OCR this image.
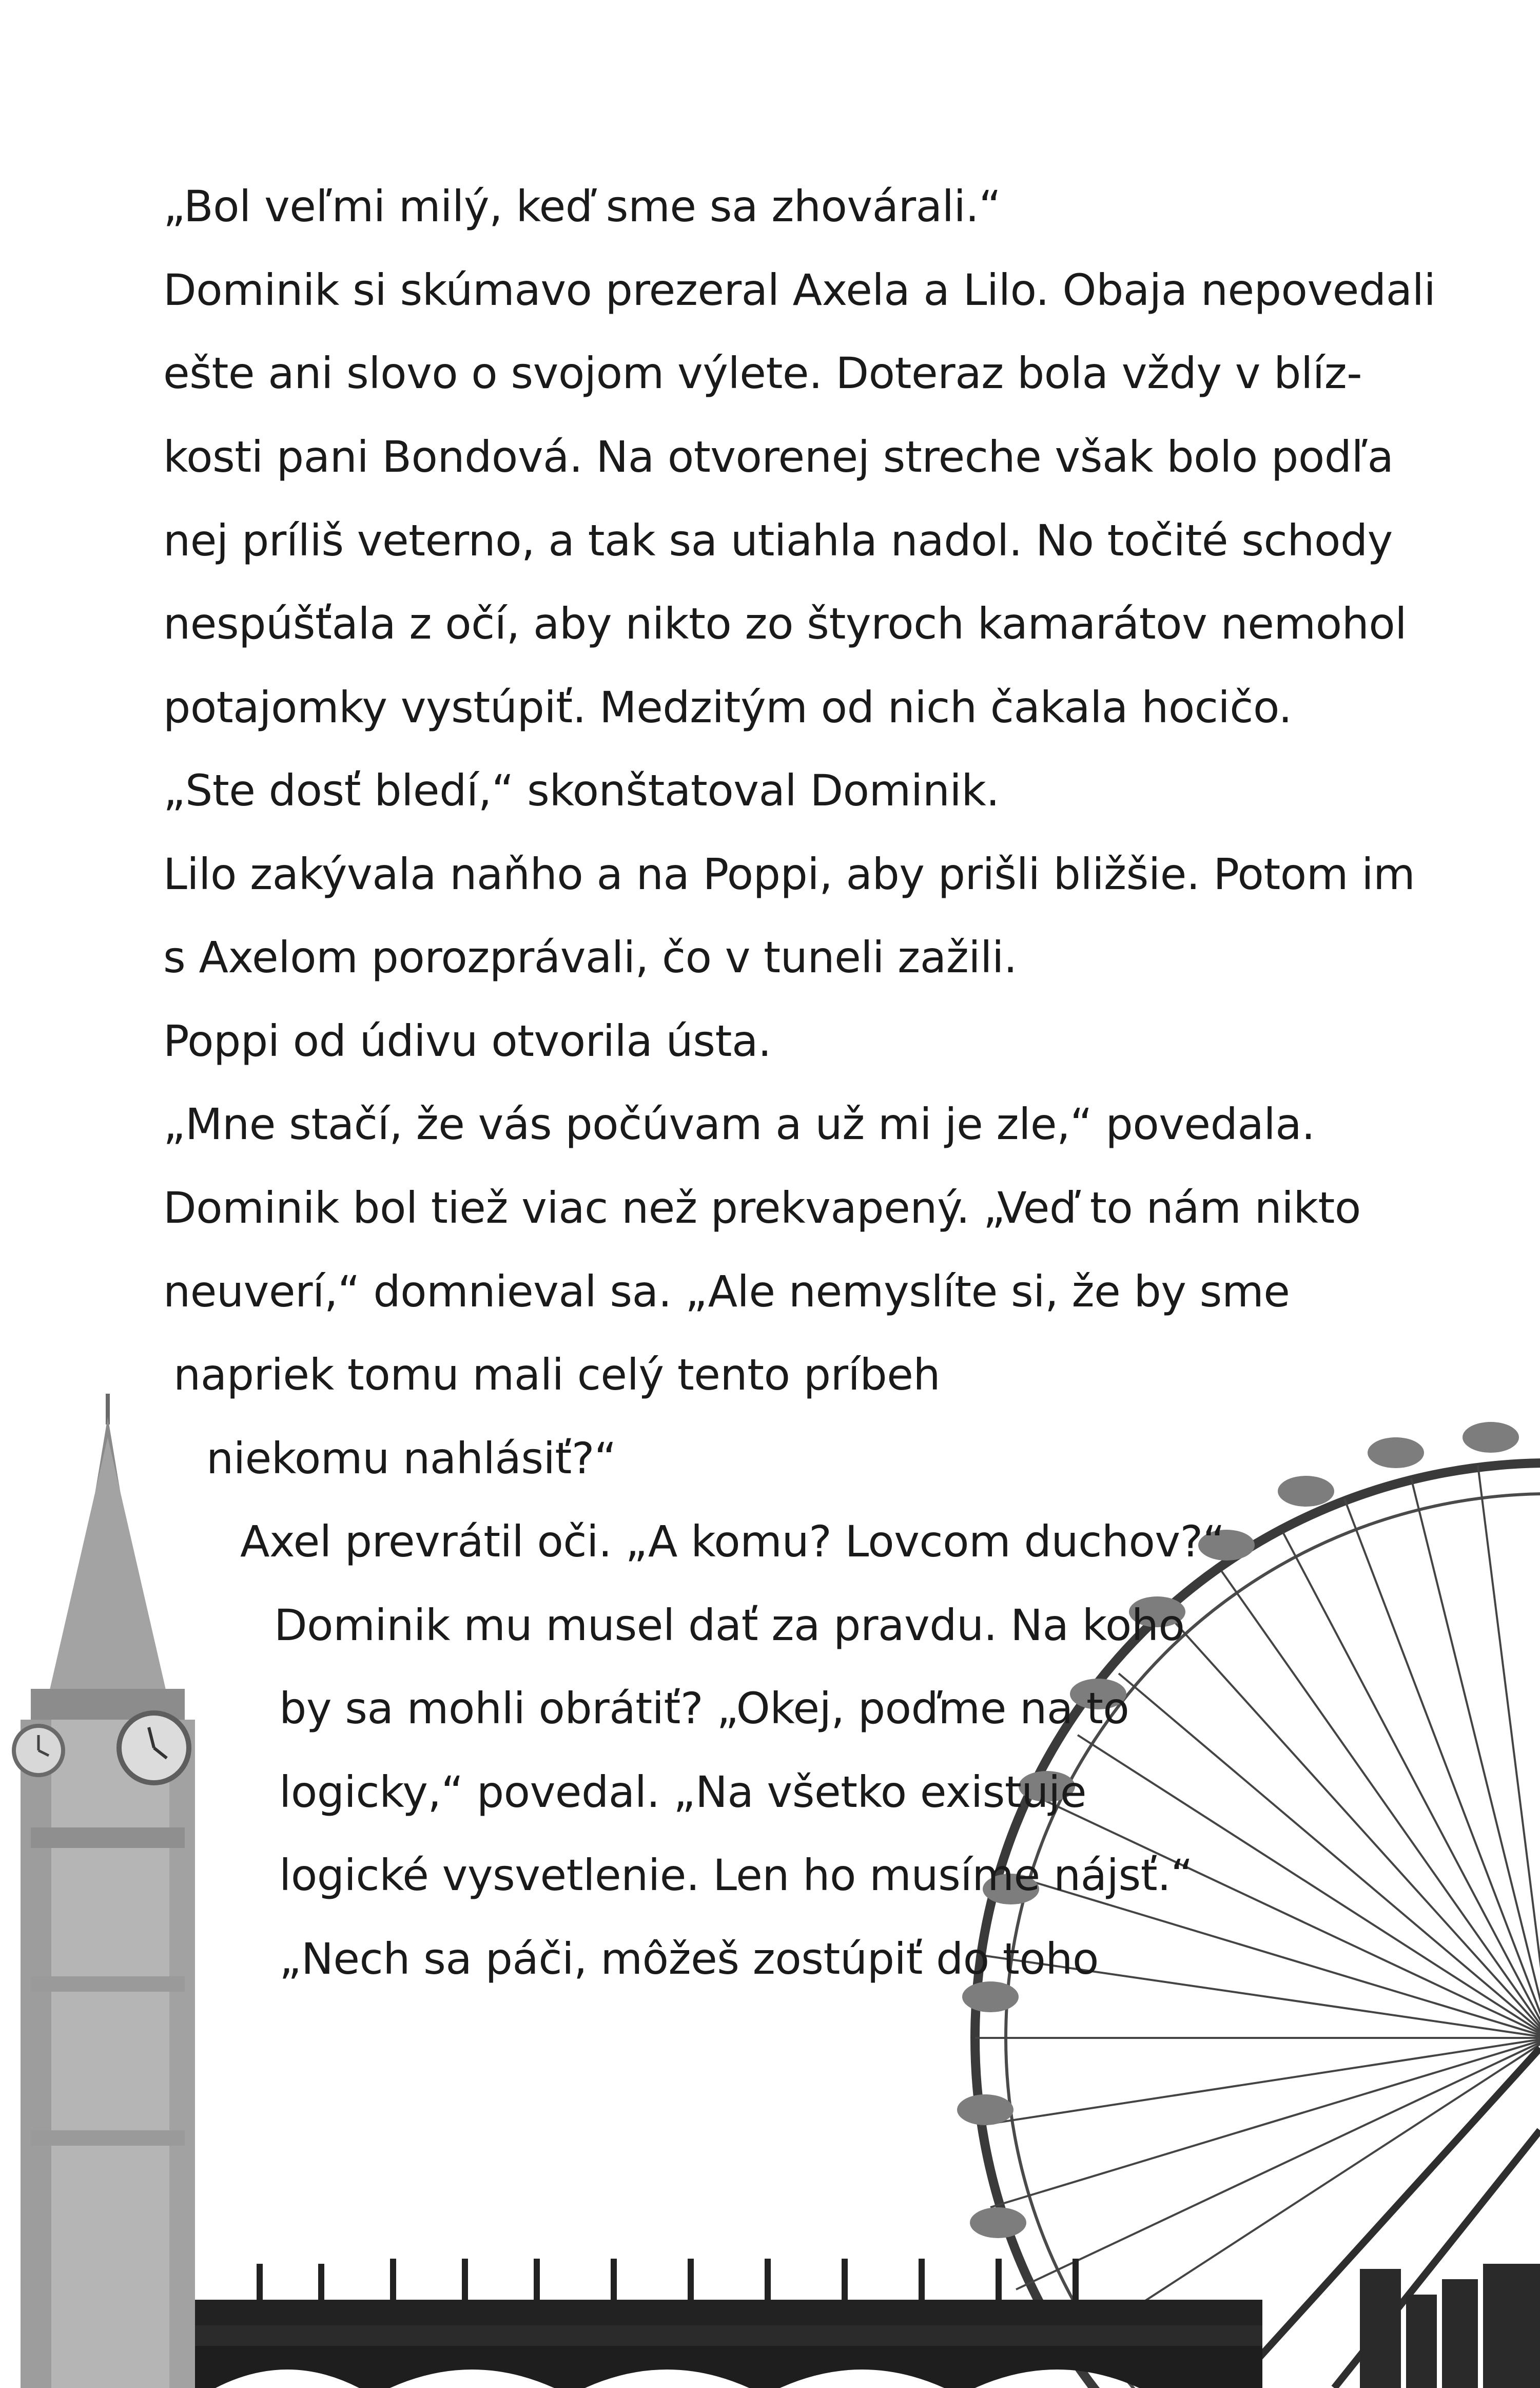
„Bol veľmi milý, keď sme sa zhovárali.“
Dominik si skúmavo prezeral Axela a Lilo. Obaja nepovedali
ešte ani slovo o svojom výlete. Doteraz bola vždy v blíz-
kosti pani Bondová. Na otvorenej streche však bolo podľa
nej príliš veterno, a tak sa utiahla nadol. No točité schody
nespúšťala z očí, aby nikto zo štyroch kamarátov nemohol
potajomky vystúpiť. Medzitým od nich čakala hocičo.
„Ste dosť bledí,“ skonštatoval Dominik.
Lilo zakývala naňho a na Poppi, aby prišli bližšie. Potom im
s Axelom porozprávali, čo v tuneli zažili.
Poppi od údivu otvorila ústa.
„Mne stačí, že vás počúvam a už mi je zle,“ povedala.
Dominik bol tiež viac než prekvapený. „Veď to nám nikto
neuverí,“ domnieval sa. „Ale nemyslíte si, že by sme
napriek tomu mali celý tento príbeh
niekomu nahlásiť?“
Axel prevrátil oči. „A komu? Lovcom duchov?“
Dominik mu musel dať za pravdu. Na koho
by sa mohli obrátiť? „Okej, poďme na to
logicky,“ povedal. „Na všetko existuje
logické vysvetlenie. Len ho musíme nájsť.“
„Nech sa páči, môžeš zostúpiť do toho
